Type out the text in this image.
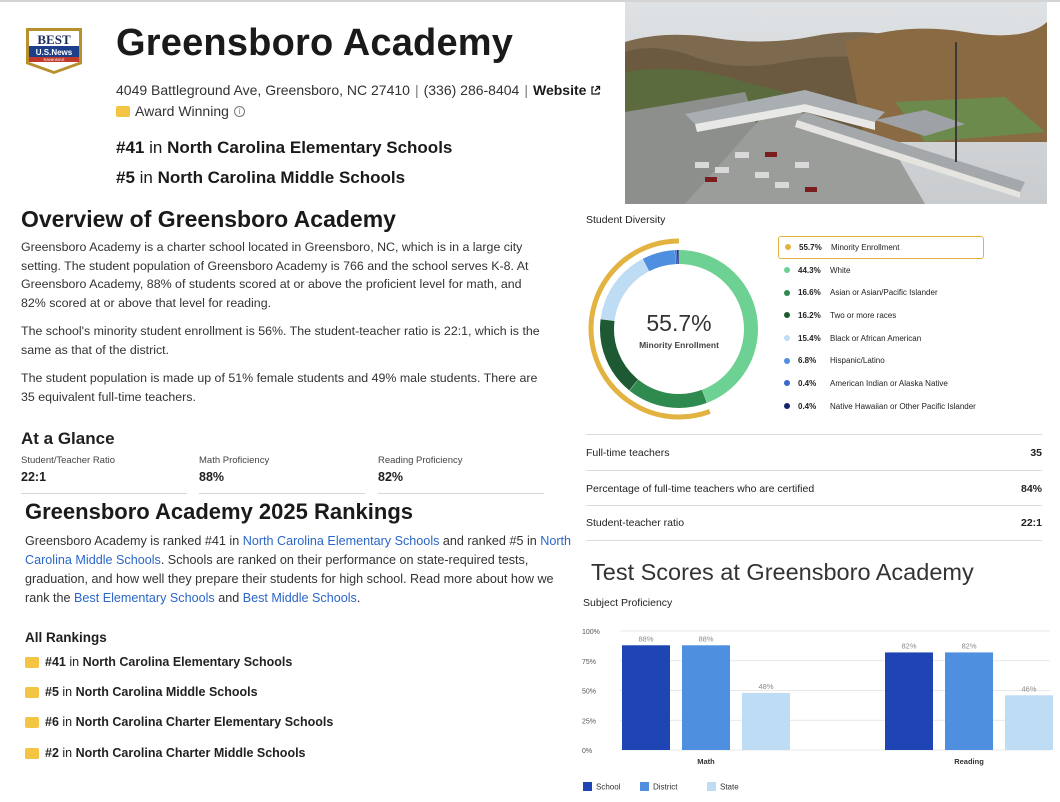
BEST
U.S.News
RANKINGS Greensboro Academy
4049 Battleground Ave, Greensboro, NC 27410 | (336) 286-8404 | Website
Award Winning	i
#41 in North Carolina Elementary Schools
#5 in North Carolina Middle Schools
Overview of Greensboro Academy

Greensboro Academy is a charter school located in Greensboro, NC, which is in a large city setting. The student population of Greensboro Academy is 766 and the school serves K-8. At Greensboro Academy, 88% of students scored at or above the proficient level for math, and 82% scored at or above that level for reading.

The school's minority student enrollment is 56%. The student-teacher ratio is 22:1, which is the same as that of the district.

The student population is made up of 51% female students and 49% male students. There are 35 equivalent full-time teachers.

At a Glance
Student/Teacher Ratio
22:1
Math Proficiency
88%
Reading Proficiency
82%
Greensboro Academy 2025 Rankings

Greensboro Academy is ranked #41 in North Carolina Elementary Schools and ranked #5 in North Carolina Middle Schools. Schools are ranked on their performance on state-required tests, graduation, and how well they prepare their students for high school. Read more about how we rank the Best Elementary Schools and Best Middle Schools.

All Rankings
#41 in North Carolina Elementary Schools
#5 in North Carolina Middle Schools
#6 in North Carolina Charter Elementary Schools
#2 in North Carolina Charter Middle Schools
Student Diversity
55.7%
Minority Enrollment
55.7%	Minority Enrollment
44.3%	White
16.6%	Asian or Asian/Pacific Islander
16.2%	Two or more races
15.4%	Black or African American
6.8%	Hispanic/Latino
0.4%	American Indian or Alaska Native
0.4%	Native Hawaiian or Other Pacific Islander
Full-time teachers	35
Percentage of full-time teachers who are certified	84%
Student-teacher ratio	22:1
Test Scores at Greensboro Academy
Subject Proficiency
0%
25%
50%
75%
100%
88%	88%
48%
Math
82%	82%
46%
Reading
School	District	State
